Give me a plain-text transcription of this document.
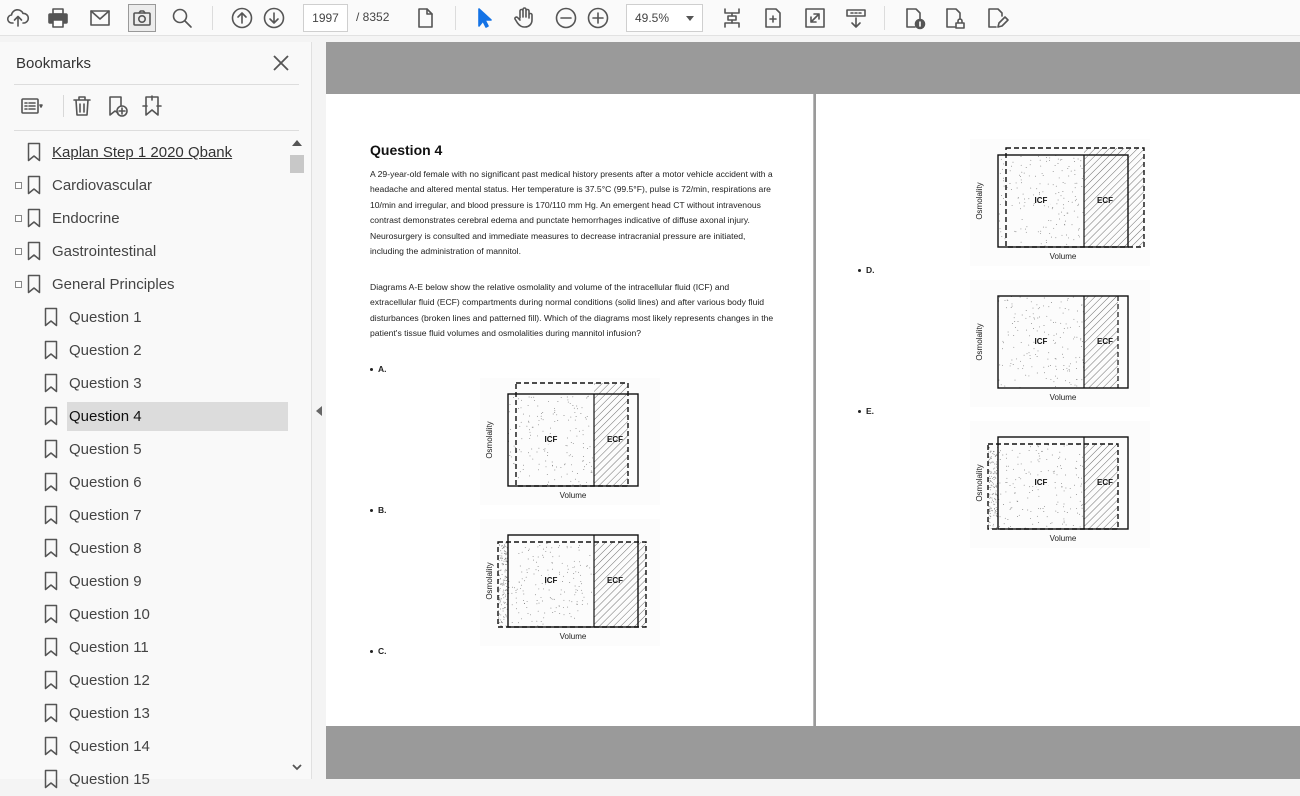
1997	/ 8352	49.5%
Bookmarks
Kaplan Step 1 2020 Qbank
Cardiovascular
Endocrine
Gastrointestinal
General Principles
Question 1
Question 2
Question 3
Question 4
Question 5
Question 6
Question 7
Question 8
Question 9
Question 10
Question 11
Question 12
Question 13
Question 14
Question 15
Question 4
A 29-year-old female with no significant past medical history presents after a motor vehicle accident with a headache and altered mental status. Her temperature is 37.5°C (99.5°F), pulse is 72/min, respirations are 10/min and irregular, and blood pressure is 170/110 mm Hg. An emergent head CT without intravenous contrast demonstrates cerebral edema and punctate hemorrhages indicative of diffuse axonal injury. Neurosurgery is consulted and immediate measures to decrease intracranial pressure are initiated, including the administration of mannitol.
Diagrams A-E below show the relative osmolality and volume of the intracellular fluid (ICF) and extracellular fluid (ECF) compartments during normal conditions (solid lines) and after various body fluid disturbances (broken lines and patterned fill). Which of the diagrams most likely represents changes in the patient's tissue fluid volumes and osmolalities during mannitol infusion?
A.
ICF	ECF
Volume
Osmolality
B.
ICF	ECF
Volume
Osmolality
C.
ICF	ECF
Volume
Osmolality
D.
ICF	ECF
Volume
Osmolality
E.
ICF	ECF
Volume
Osmolality
